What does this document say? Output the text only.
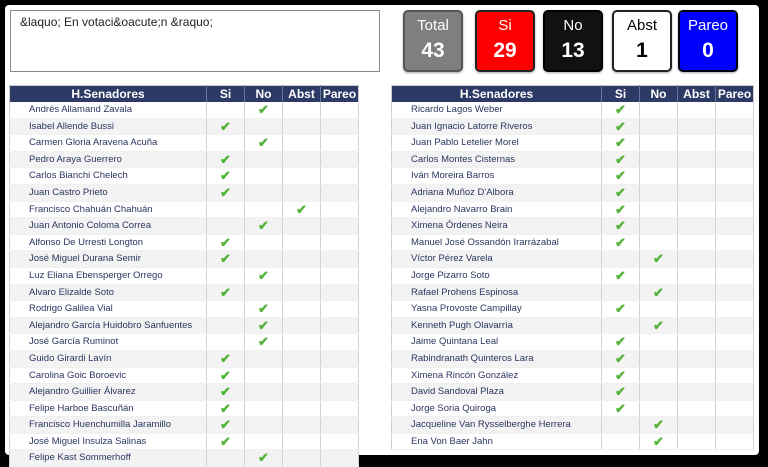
&laquo; En votaci&oacute;n &raquo;	Total
43
Si
29
No
13
Abst
1
Pareo
0
H.Senadores	Si	No	Abst	Pareo
Andrés Allamand Zavala		✔		
Isabel Allende Bussi	✔			
Carmen Gloria Aravena Acuña		✔		
Pedro Araya Guerrero	✔			
Carlos Bianchi Chelech	✔			
Juan Castro Prieto	✔			
Francisco Chahuán Chahuán			✔	
Juan Antonio Coloma Correa		✔		
Alfonso De Urresti Longton	✔			
José Miguel Durana Semir	✔			
Luz Eliana Ebensperger Orrego		✔		
Alvaro Elizalde Soto	✔			
Rodrigo Galilea Vial		✔		
Alejandro García Huidobro Sanfuentes		✔		
José García Ruminot		✔		
Guido Girardi Lavín	✔			
Carolina Goic Boroevic	✔			
Alejandro Guillier Álvarez	✔			
Felipe Harboe Bascuñán	✔			
Francisco Huenchumilla Jaramillo	✔			
José Miguel Insulza Salinas	✔			
Felipe Kast Sommerhoff		✔		
H.Senadores	Si	No	Abst	Pareo
Ricardo Lagos Weber	✔			
Juan Ignacio Latorre Riveros	✔			
Juan Pablo Letelier Morel	✔			
Carlos Montes Cisternas	✔			
Iván Moreira Barros	✔			
Adriana Muñoz D'Albora	✔			
Alejandro Navarro Brain	✔			
Ximena Órdenes Neira	✔			
Manuel José Ossandón Irarrázabal	✔			
Víctor Pérez Varela		✔		
Jorge Pizarro Soto	✔			
Rafael Prohens Espinosa		✔		
Yasna Provoste Campillay	✔			
Kenneth Pugh Olavarría		✔		
Jaime Quintana Leal	✔			
Rabindranath Quinteros Lara	✔			
Ximena Rincón González	✔			
David Sandoval Plaza	✔			
Jorge Soria Quiroga	✔			
Jacqueline Van Rysselberghe Herrera		✔		
Ena Von Baer Jahn		✔		
